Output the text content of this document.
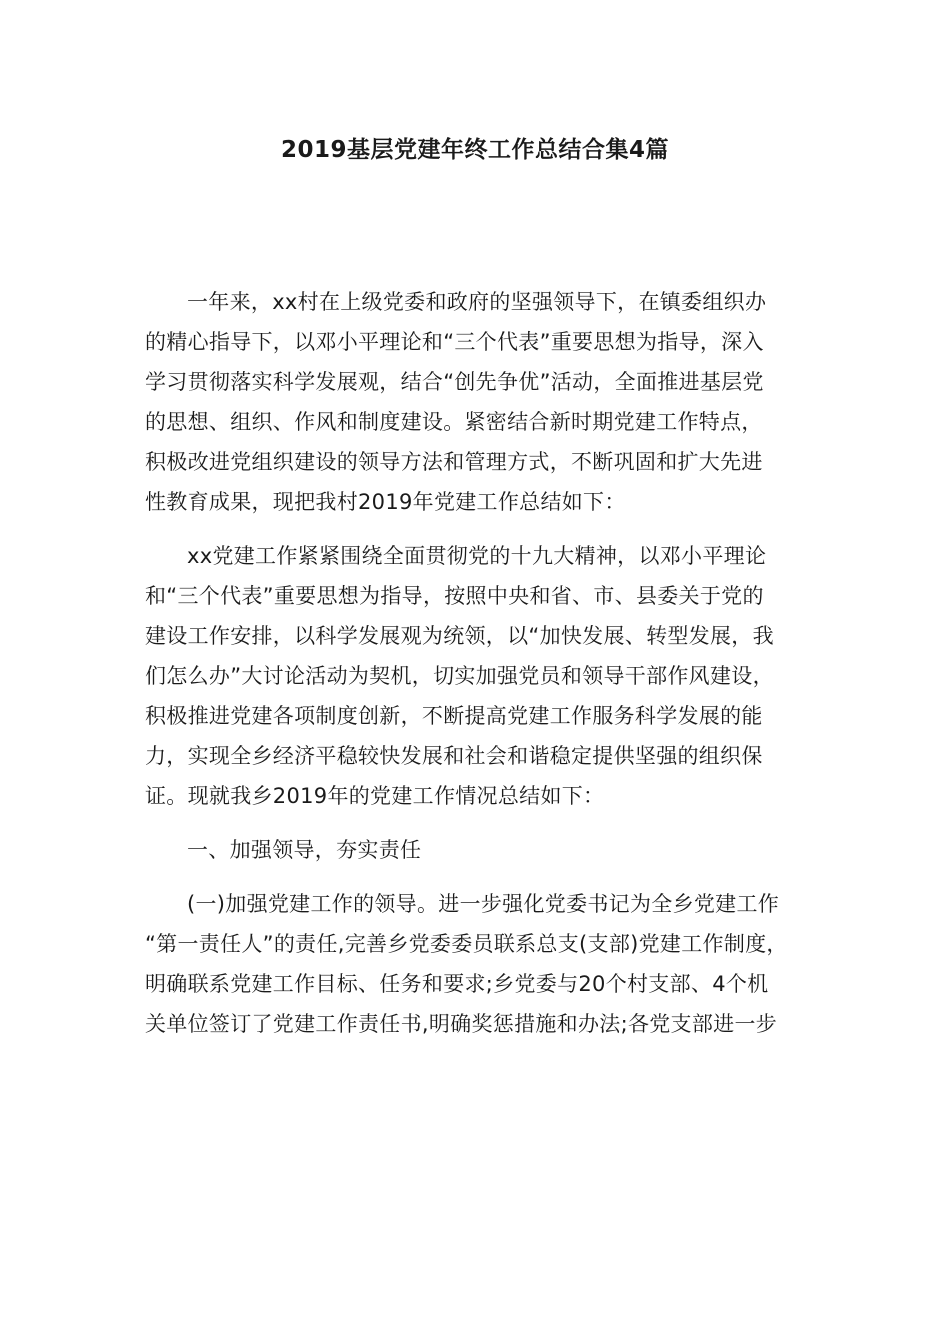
2019基层党建年终工作总结合集4篇

一年来，xx村在上级党委和政府的坚强领导下，在镇委组织办
的精心指导下，以邓小平理论和“三个代表”重要思想为指导，深入
学习贯彻落实科学发展观，结合“创先争优”活动，全面推进基层党
的思想、组织、作风和制度建设。紧密结合新时期党建工作特点，
积极改进党组织建设的领导方法和管理方式，不断巩固和扩大先进
性教育成果，现把我村2019年党建工作总结如下：

xx党建工作紧紧围绕全面贯彻党的十九大精神，以邓小平理论
和“三个代表”重要思想为指导，按照中央和省、市、县委关于党的
建设工作安排，以科学发展观为统领，以“加快发展、转型发展，我
们怎么办”大讨论活动为契机，切实加强党员和领导干部作风建设，
积极推进党建各项制度创新，不断提高党建工作服务科学发展的能
力，实现全乡经济平稳较快发展和社会和谐稳定提供坚强的组织保
证。现就我乡2019年的党建工作情况总结如下：

一、加强领导，夯实责任

(一)加强党建工作的领导。进一步强化党委书记为全乡党建工作
“第一责任人”的责任,完善乡党委委员联系总支(支部)党建工作制度，
明确联系党建工作目标、任务和要求;乡党委与20个村支部、4个机
关单位签订了党建工作责任书,明确奖惩措施和办法;各党支部进一步
